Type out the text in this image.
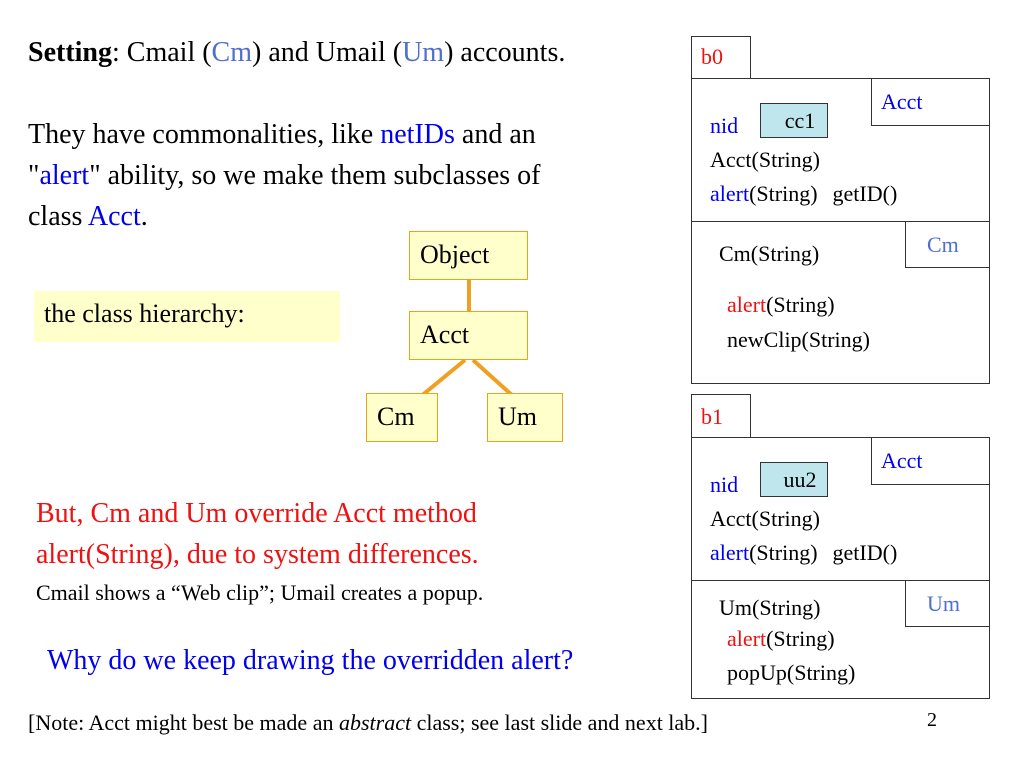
Setting: Cmail (Cm) and Umail (Um) accounts.
They have commonalities, like netIDs and an
"alert" ability, so we make them subclasses of
class Acct.
the class hierarchy:
Object
Acct
Cm	Um
But, Cm and Um override Acct method
alert(String), due to system differences.
Cmail shows a “Web clip”; Umail creates a popup.
Why do we keep drawing the overridden alert?
[Note: Acct might best be made an abstract class; see last slide and next lab.]	2
b0
Acct
nid	cc1
Acct(String)
alert(String) getID()
Cm
Cm(String)
alert(String)
newClip(String)
b1
Acct
nid	uu2
Acct(String)
alert(String) getID()
Um
Um(String)
alert(String)
popUp(String)
